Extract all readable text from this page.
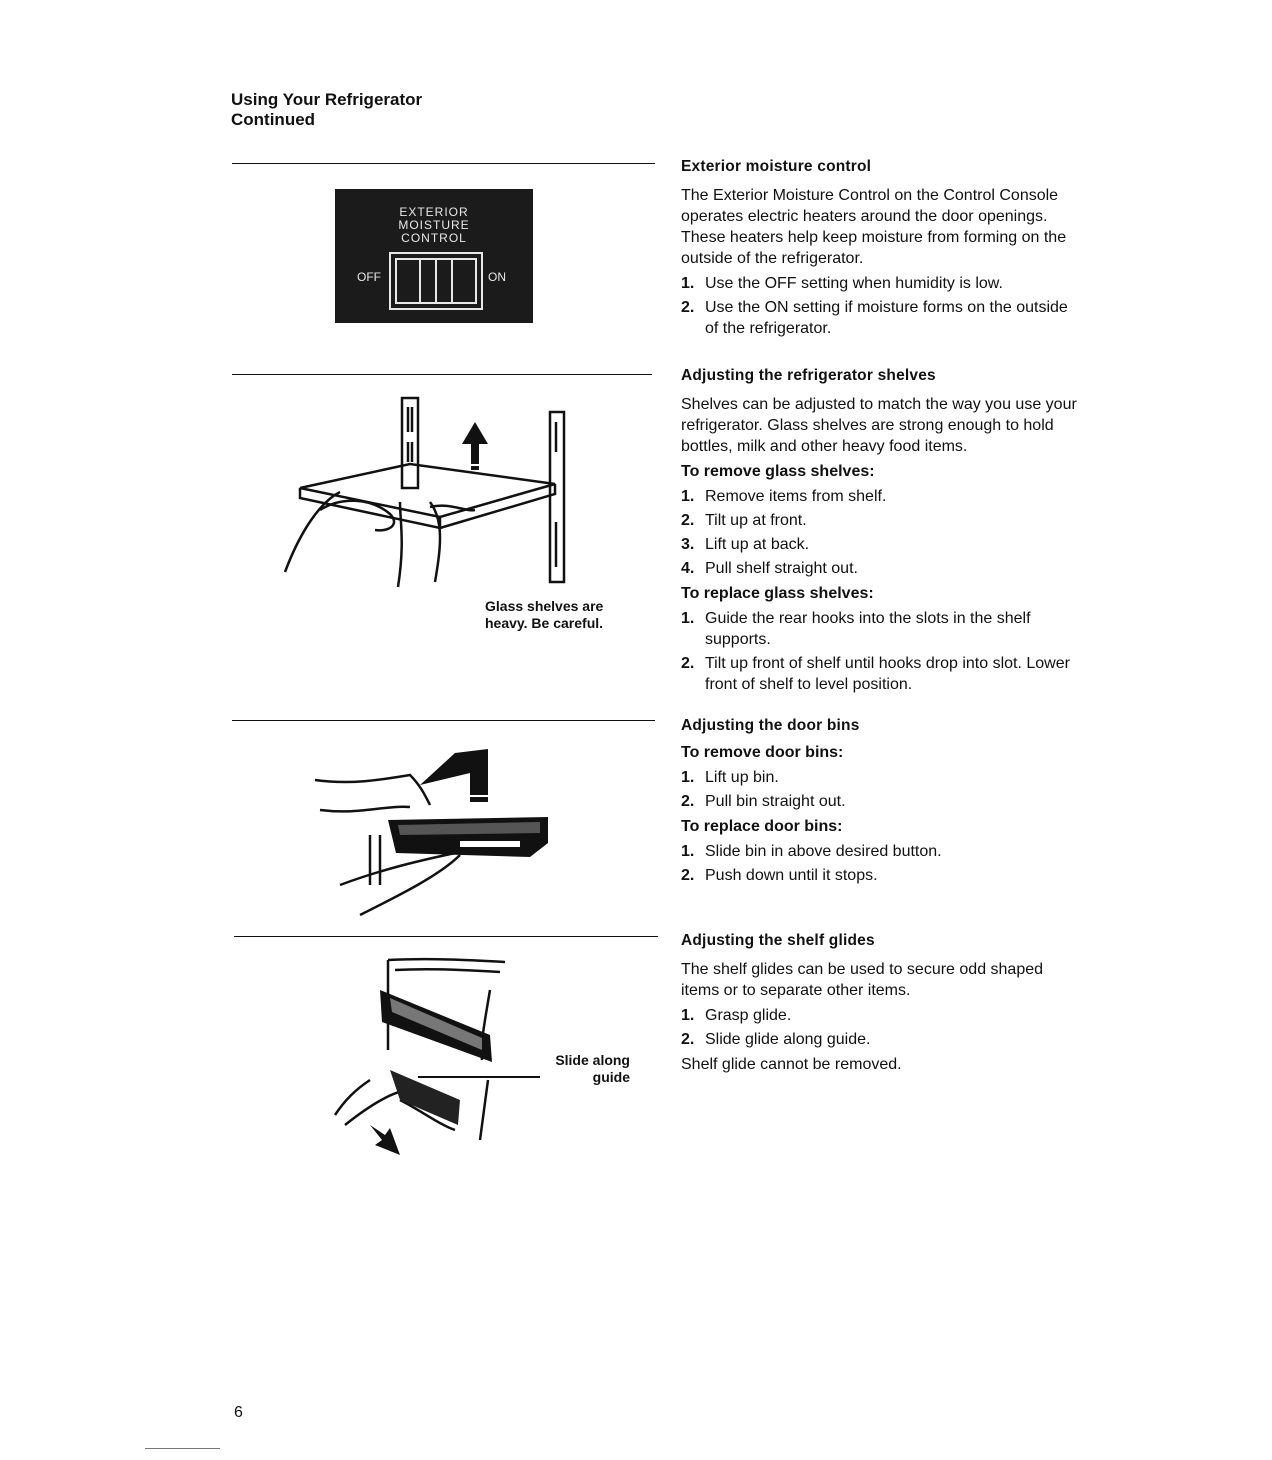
Using Your Refrigerator
Continued
EXTERIOR
MOISTURE
CONTROL
OFF	ON
Glass shelves are
heavy. Be careful.
Slide along
guide
Exterior moisture control

The Exterior Moisture Control on the Control Console operates electric heaters around the door openings. These heaters help keep moisture from forming on the outside of the refrigerator.

1. Use the OFF setting when humidity is low.
2. Use the ON setting if moisture forms on the outside of the refrigerator.
Adjusting the refrigerator shelves

Shelves can be adjusted to match the way you use your refrigerator. Glass shelves are strong enough to hold bottles, milk and other heavy food items.

To remove glass shelves:
1. Remove items from shelf.
2. Tilt up at front.
3. Lift up at back.
4. Pull shelf straight out.
To replace glass shelves:
1. Guide the rear hooks into the slots in the shelf supports.
2. Tilt up front of shelf until hooks drop into slot. Lower front of shelf to level position.
Adjusting the door bins
To remove door bins:
1. Lift up bin.
2. Pull bin straight out.
To replace door bins:
1. Slide bin in above desired button.
2. Push down until it stops.
Adjusting the shelf glides

The shelf glides can be used to secure odd shaped items or to separate other items.

1. Grasp glide.
2. Slide glide along guide.

Shelf glide cannot be removed.

6
